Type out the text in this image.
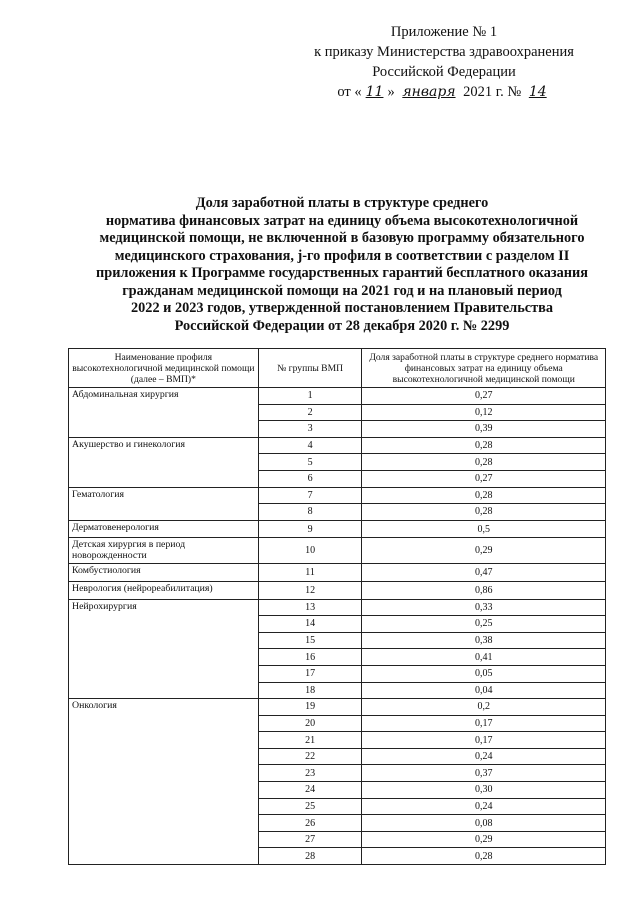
Приложение № 1
к приказу Министерства здравоохранения
Российской Федерации
от « 11 » января 2021 г. № 14
Доля заработной платы в структуре среднего
норматива финансовых затрат на единицу объема высокотехнологичной
медицинской помощи, не включенной в базовую программу обязательного
медицинского страхования, j-го профиля в соответствии с разделом II
приложения к Программе государственных гарантий бесплатного оказания
гражданам медицинской помощи на 2021 год и на плановый период
2022 и 2023 годов, утвержденной постановлением Правительства
Российской Федерации от 28 декабря 2020 г. № 2299
Наименование профиля высокотехнологичной медицинской помощи (далее – ВМП)*	№ группы ВМП	Доля заработной платы в структуре среднего норматива финансовых затрат на единицу объема высокотехнологичной медицинской помощи
Абдоминальная хирургия	1	0,27
	2	0,12
	3	0,39
Акушерство и гинекология	4	0,28
	5	0,28
	6	0,27
Гематология	7	0,28
	8	0,28
Дерматовенерология	9	0,5
Детская хирургия в период новорожденности	10	0,29
Комбустиология	11	0,47
Неврология (нейрореабилитация)	12	0,86
Нейрохирургия	13	0,33
	14	0,25
	15	0,38
	16	0,41
	17	0,05
	18	0,04
Онкология	19	0,2
	20	0,17
	21	0,17
	22	0,24
	23	0,37
	24	0,30
	25	0,24
	26	0,08
	27	0,29
	28	0,28
